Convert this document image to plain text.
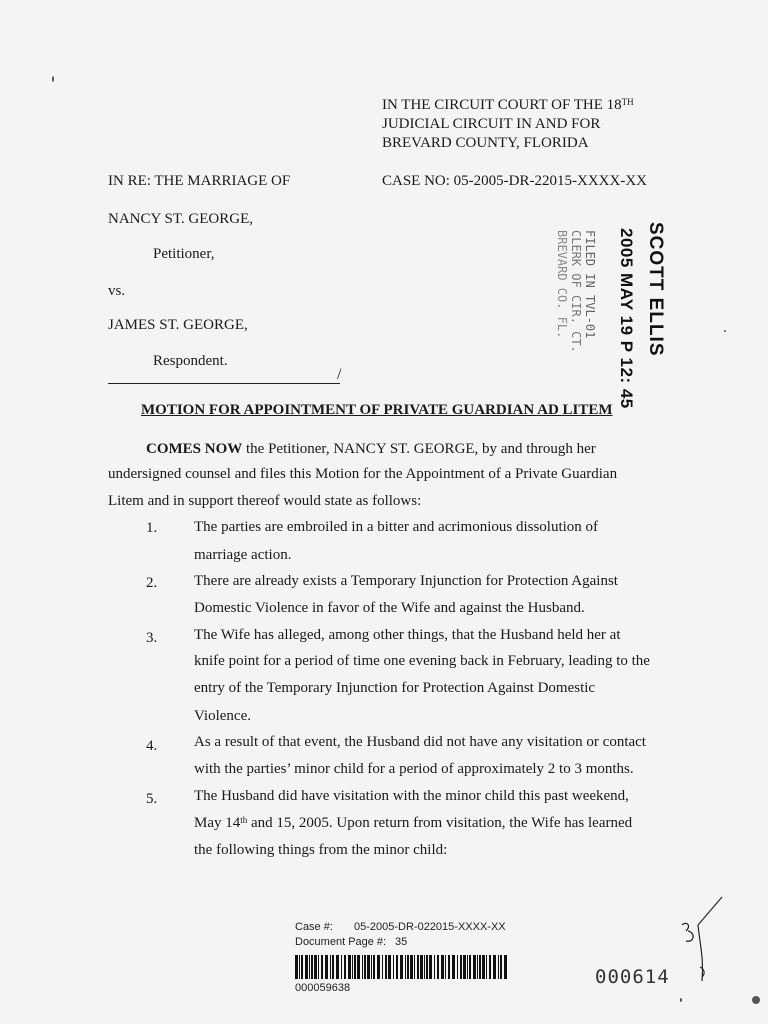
IN THE CIRCUIT COURT OF THE 18TH
JUDICIAL CIRCUIT IN AND FOR
BREVARD COUNTY, FLORIDA
IN RE: THE MARRIAGE OF	CASE NO: 05-2005-DR-22015-XXXX-XX
NANCY ST. GEORGE,
Petitioner,
vs.
JAMES ST. GEORGE,
Respondent.
/
SCOTT ELLIS
2005 MAY 19 P 12: 45
FILED IN TVL-01
CLERK OF CIR. CT.
BREVARD CO. FL.
MOTION FOR APPOINTMENT OF PRIVATE GUARDIAN AD LITEM
COMES NOW the Petitioner, NANCY ST. GEORGE, by and through her
undersigned counsel and files this Motion for the Appointment of a Private Guardian
Litem and in support thereof would state as follows:
1. The parties are embroiled in a bitter and acrimonious dissolution of
marriage action.
2. There are already exists a Temporary Injunction for Protection Against
Domestic Violence in favor of the Wife and against the Husband.
3. The Wife has alleged, among other things, that the Husband held her at
knife point for a period of time one evening back in February, leading to the
entry of the Temporary Injunction for Protection Against Domestic
Violence.
4. As a result of that event, the Husband did not have any visitation or contact
with the parties’ minor child for a period of approximately 2 to 3 months.
5. The Husband did have visitation with the minor child this past weekend,
May 14th and 15, 2005. Upon return from visitation, the Wife has learned
the following things from the minor child:
Case #: 05-2005-DR-022015-XXXX-XX
Document Page #: 35
000059638	000614
